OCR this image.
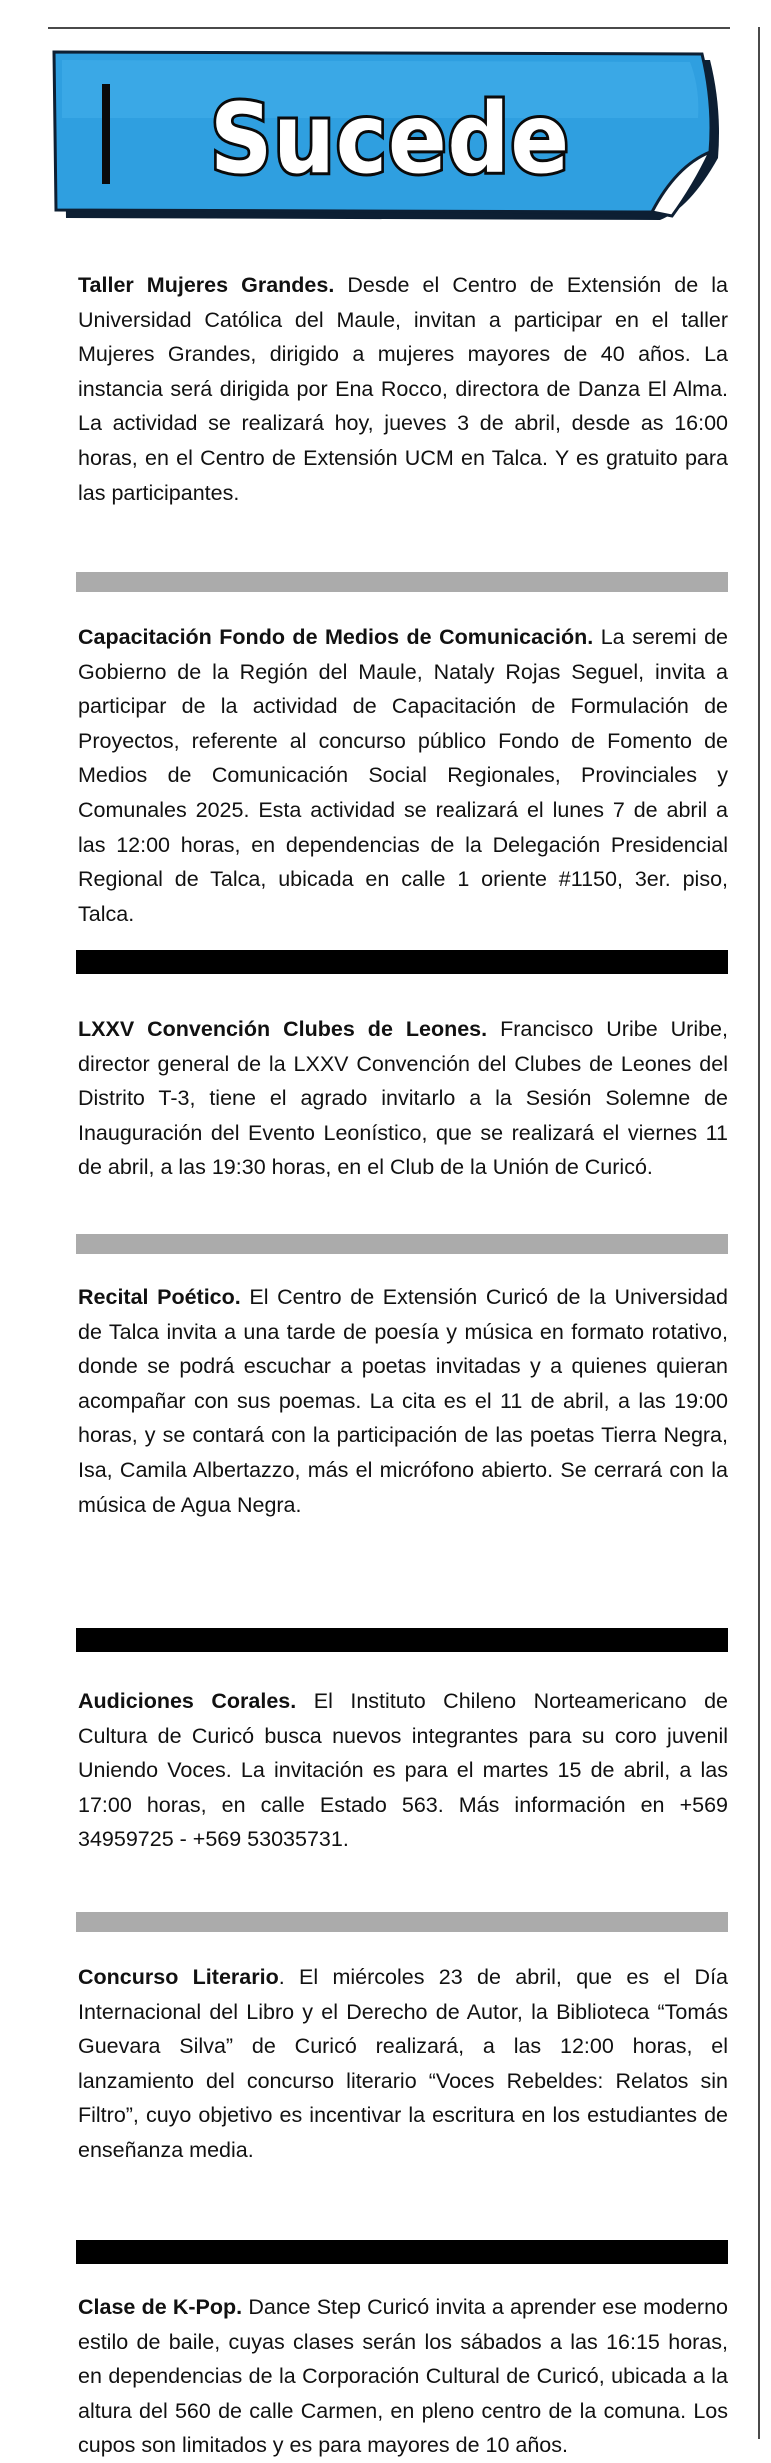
Sucede
Taller Mujeres Grandes. Desde el Centro de Extensión de la Universidad Católica del Maule, invitan a participar en el taller Mujeres Grandes, dirigido a mujeres mayores de 40 años. La instancia será dirigida por Ena Rocco, directora de Danza El Alma. La actividad se realizará hoy, jueves 3 de abril, desde as 16:00 horas, en el Centro de Extensión UCM en Talca. Y es gratuito para las participantes.
Capacitación Fondo de Medios de Comunicación. La seremi de Gobierno de la Región del Maule, Nataly Rojas Seguel, invita a participar de la actividad de Capacitación de Formulación de Proyectos, referente al concurso público Fondo de Fomento de Medios de Comunicación Social Regionales, Provinciales y Comunales 2025. Esta actividad se realizará el lunes 7 de abril a las 12:00 horas, en dependencias de la Delegación Presidencial Regional de Talca, ubicada en calle 1 oriente #1150, 3er. piso, Talca.
LXXV Convención Clubes de Leones. Francisco Uribe Uribe, director general de la LXXV Convención del Clubes de Leones del Distrito T-3, tiene el agrado invitarlo a la Sesión Solemne de Inauguración del Evento Leonístico, que se realizará el viernes 11 de abril, a las 19:30 horas, en el Club de la Unión de Curicó.
Recital Poético. El Centro de Extensión Curicó de la Universidad de Talca invita a una tarde de poesía y música en formato rotativo, donde se podrá escuchar a poetas invitadas y a quienes quieran acompañar con sus poemas. La cita es el 11 de abril, a las 19:00 horas, y se contará con la participación de las poetas Tierra Negra, Isa, Camila Albertazzo, más el micrófono abierto. Se cerrará con la música de Agua Negra.
Audiciones Corales. El Instituto Chileno Norteamericano de Cultura de Curicó busca nuevos integrantes para su coro juvenil Uniendo Voces. La invitación es para el martes 15 de abril, a las 17:00 horas, en calle Estado 563. Más información en +569 34959725 - +569 53035731.
Concurso Literario. El miércoles 23 de abril, que es el Día Internacional del Libro y el Derecho de Autor, la Biblioteca “Tomás Guevara Silva” de Curicó realizará, a las 12:00 horas, el lanzamiento del concurso literario “Voces Rebeldes: Relatos sin Filtro”, cuyo objetivo es incentivar la escritura en los estudiantes de enseñanza media.
Clase de K-Pop. Dance Step Curicó invita a aprender ese moderno estilo de baile, cuyas clases serán los sábados a las 16:15 horas, en dependencias de la Corporación Cultural de Curicó, ubicada a la altura del 560 de calle Carmen, en pleno centro de la comuna. Los cupos son limitados y es para mayores de 10 años.
